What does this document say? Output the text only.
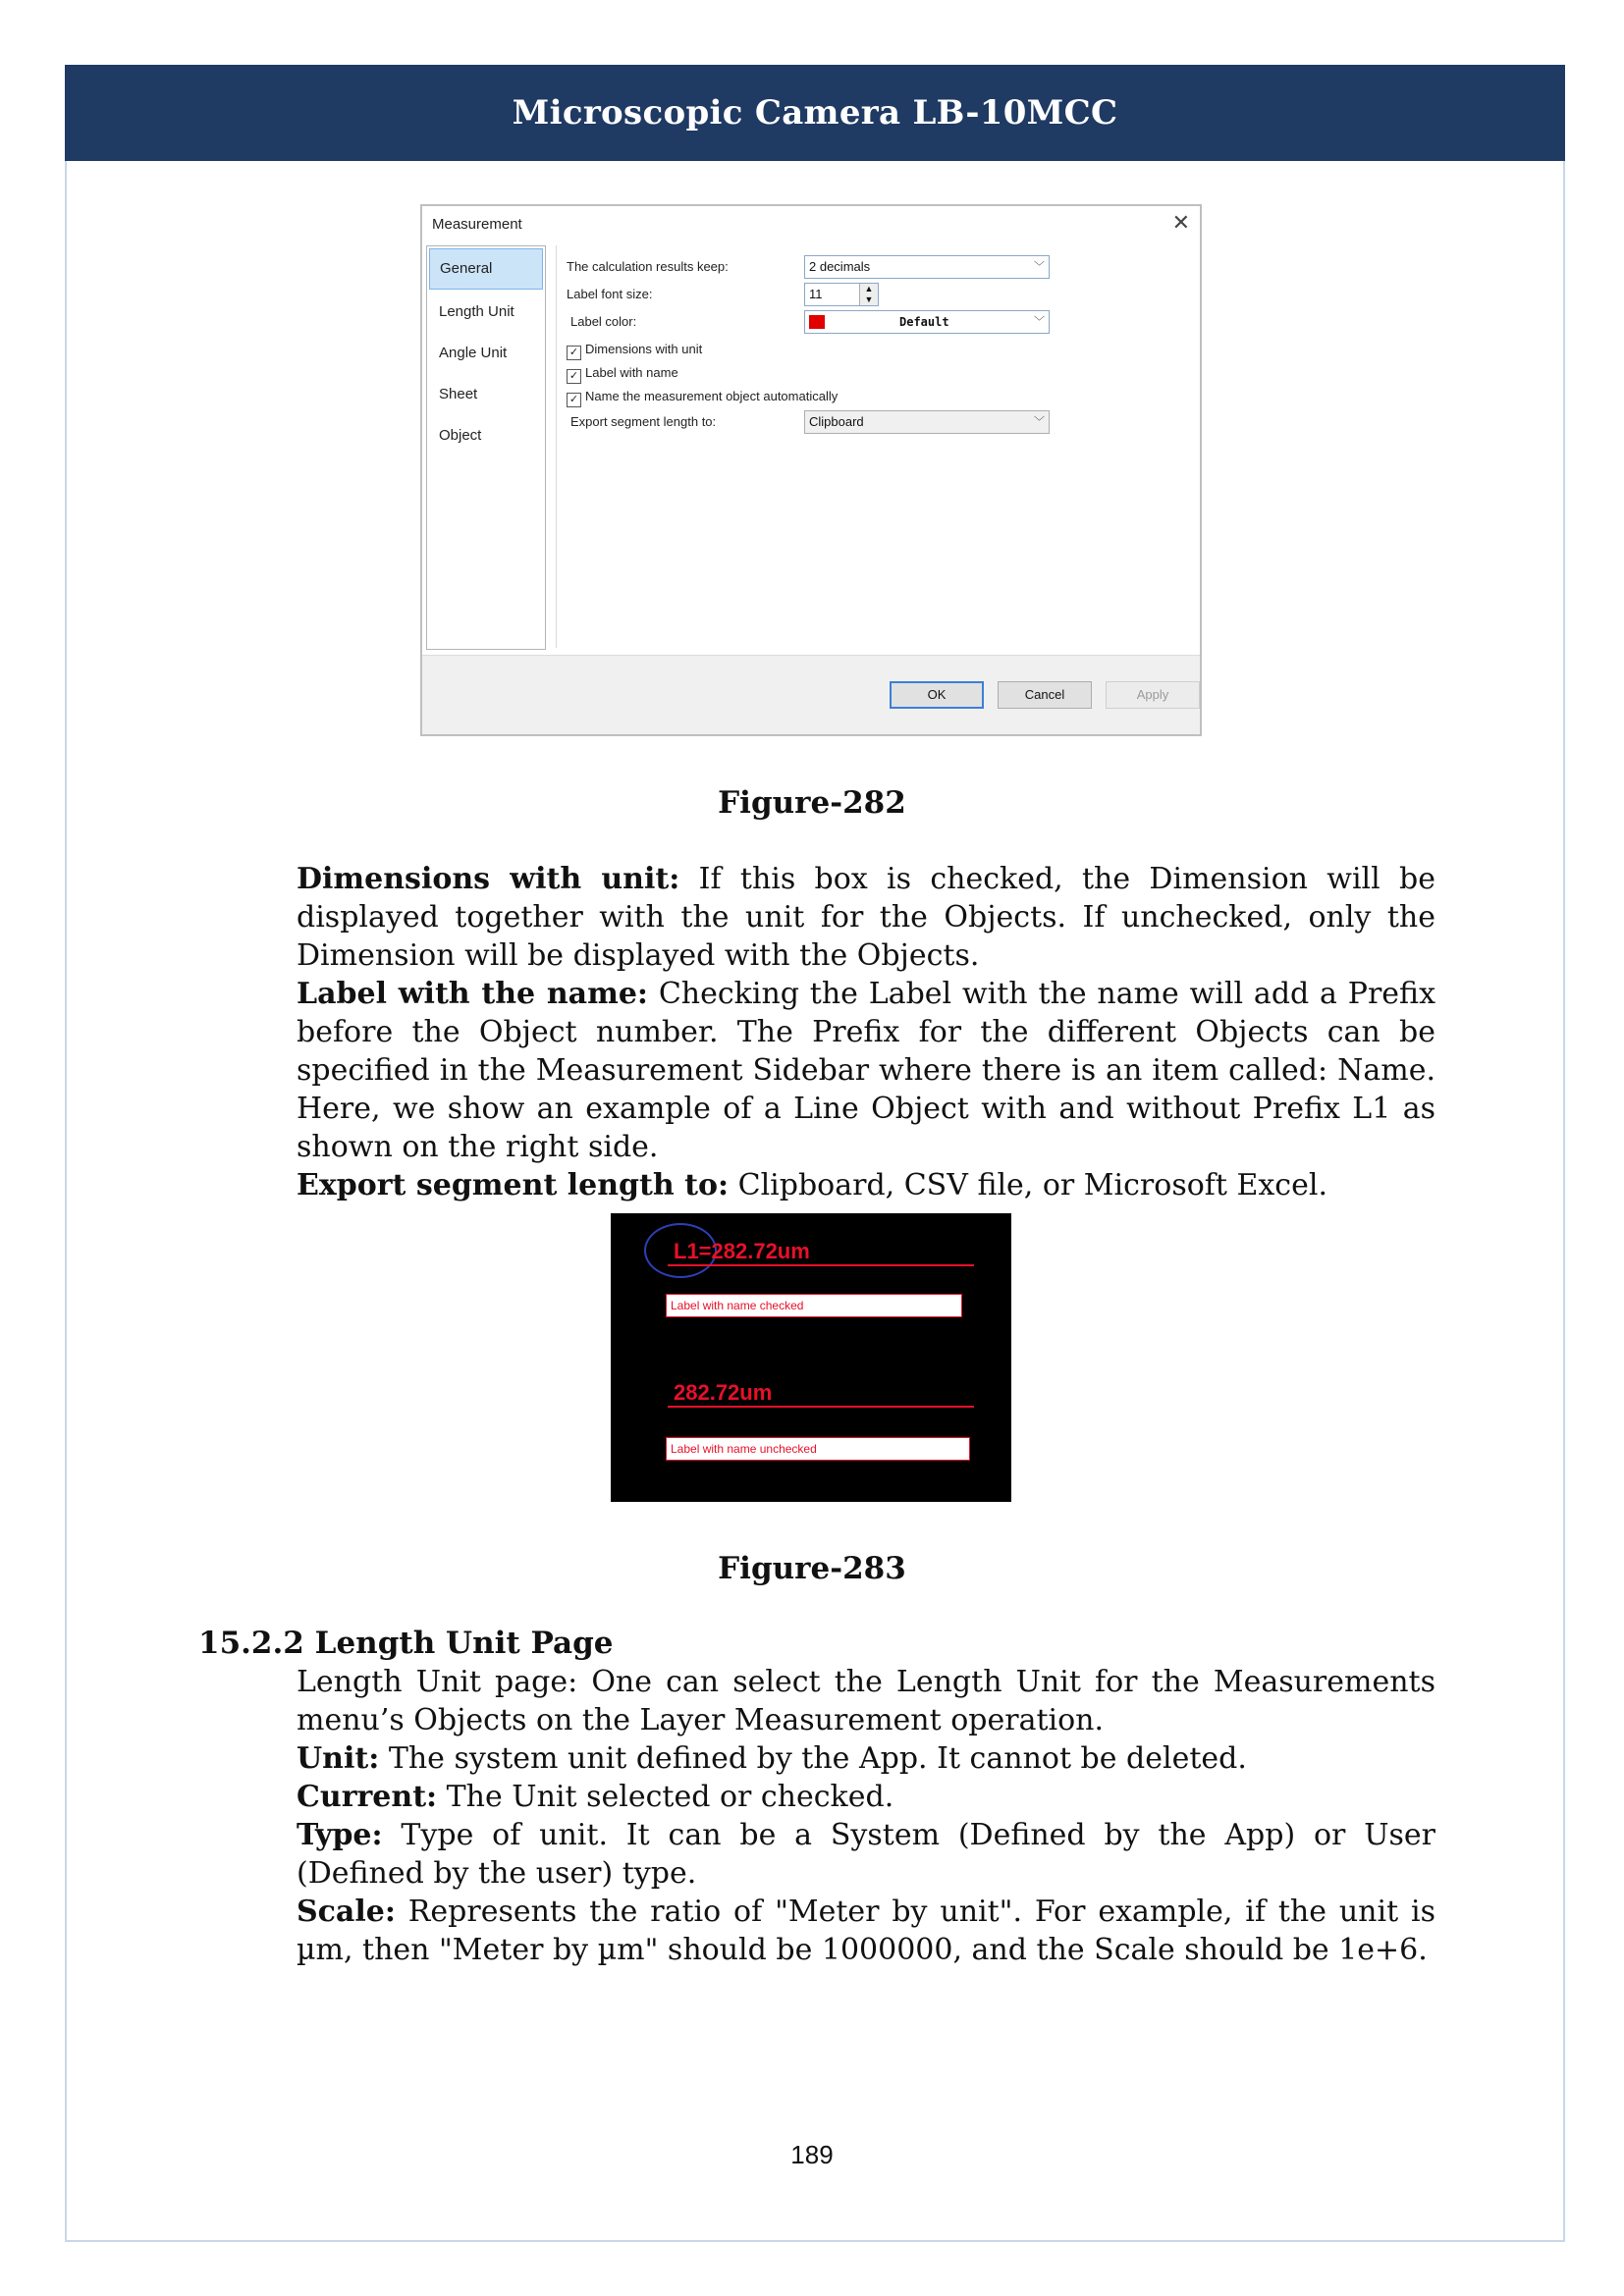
Microscopic Camera LB-10MCC
Measurement	✕
General
Length Unit
Angle Unit
Sheet
Object
The calculation results keep:	2 decimals	﹀
Label font size:	11	▲
▼
Label color:	Default	﹀
✓ Dimensions with unit
✓ Label with name
✓ Name the measurement object automatically
Export segment length to:	Clipboard	﹀
OK	Cancel	Apply
Figure-282

Dimensions with unit: If this box is checked, the Dimension will be displayed together with the unit for the Objects. If unchecked, only the Dimension will be displayed with the Objects.

Label with the name: Checking the Label with the name will add a Prefix before the Object number. The Prefix for the different Objects can be specified in the Measurement Sidebar where there is an item called: Name. Here, we show an example of a Line Object with and without Prefix L1 as shown on the right side.

Export segment length to: Clipboard, CSV file, or Microsoft Excel.

L1=282.72um
Label with name checked
282.72um
Label with name unchecked
Figure-283
15.2.2 Length Unit Page

Length Unit page: One can select the Length Unit for the Measurements menu’s Objects on the Layer Measurement operation.

Unit: The system unit defined by the App. It cannot be deleted.

Current: The Unit selected or checked.

Type: Type of unit. It can be a System (Defined by the App) or User (Defined by the user) type.

Scale: Represents the ratio of "Meter by unit". For example, if the unit is µm, then "Meter by µm" should be 1000000, and the Scale should be 1e+6.

189
